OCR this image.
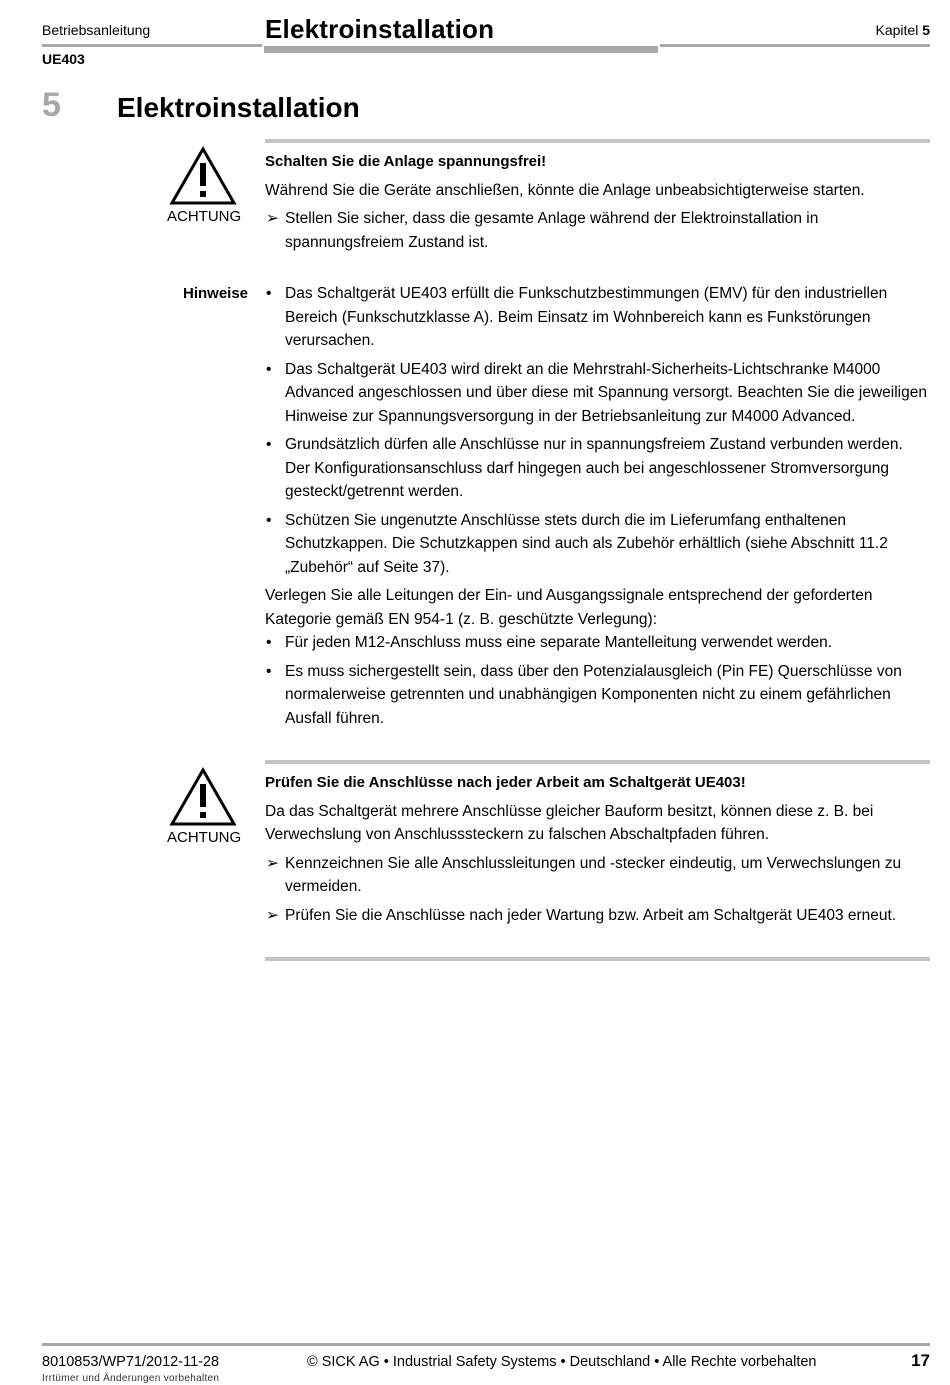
Betriebsanleitung
UE403
Elektroinstallation	Kapitel 5
5 Elektroinstallation
ACHTUNG
Schalten Sie die Anlage spannungsfrei!

Während Sie die Geräte anschließen, könnte die Anlage unbeabsichtigterweise starten.

➢ Stellen Sie sicher, dass die gesamte Anlage während der Elektroinstallation in spannungsfreiem Zustand ist.
Hinweise • Das Schaltgerät UE403 erfüllt die Funkschutzbestimmungen (EMV) für den industriellen Bereich (Funkschutzklasse A). Beim Einsatz im Wohnbereich kann es Funkstörungen verursachen.
• Das Schaltgerät UE403 wird direkt an die Mehrstrahl-Sicherheits-Lichtschranke M4000 Advanced angeschlossen und über diese mit Spannung versorgt. Beachten Sie die jeweiligen Hinweise zur Spannungsversorgung in der Betriebsanleitung zur M4000 Advanced.
• Grundsätzlich dürfen alle Anschlüsse nur in spannungsfreiem Zustand verbunden werden. Der Konfigurationsanschluss darf hingegen auch bei angeschlossener Stromversorgung gesteckt/getrennt werden.
• Schützen Sie ungenutzte Anschlüsse stets durch die im Lieferumfang enthaltenen Schutzkappen. Die Schutzkappen sind auch als Zubehör erhältlich (siehe Abschnitt 11.2 „Zubehör“ auf Seite 37).

Verlegen Sie alle Leitungen der Ein- und Ausgangssignale entsprechend der geforderten Kategorie gemäß EN 954-1 (z. B. geschützte Verlegung):

• Für jeden M12-Anschluss muss eine separate Mantelleitung verwendet werden.
• Es muss sichergestellt sein, dass über den Potenzialausgleich (Pin FE) Querschlüsse von normalerweise getrennten und unabhängigen Komponenten nicht zu einem gefährlichen Ausfall führen.
ACHTUNG
Prüfen Sie die Anschlüsse nach jeder Arbeit am Schaltgerät UE403!

Da das Schaltgerät mehrere Anschlüsse gleicher Bauform besitzt, können diese z. B. bei Verwechslung von Anschlusssteckern zu falschen Abschaltpfaden führen.

➢ Kennzeichnen Sie alle Anschlussleitungen und -stecker eindeutig, um Verwechslungen zu vermeiden.
➢ Prüfen Sie die Anschlüsse nach jeder Wartung bzw. Arbeit am Schaltgerät UE403 erneut.
8010853/WP71/2012-11-28	© SICK AG • Industrial Safety Systems • Deutschland • Alle Rechte vorbehalten	17
Irrtümer und Änderungen vorbehalten
